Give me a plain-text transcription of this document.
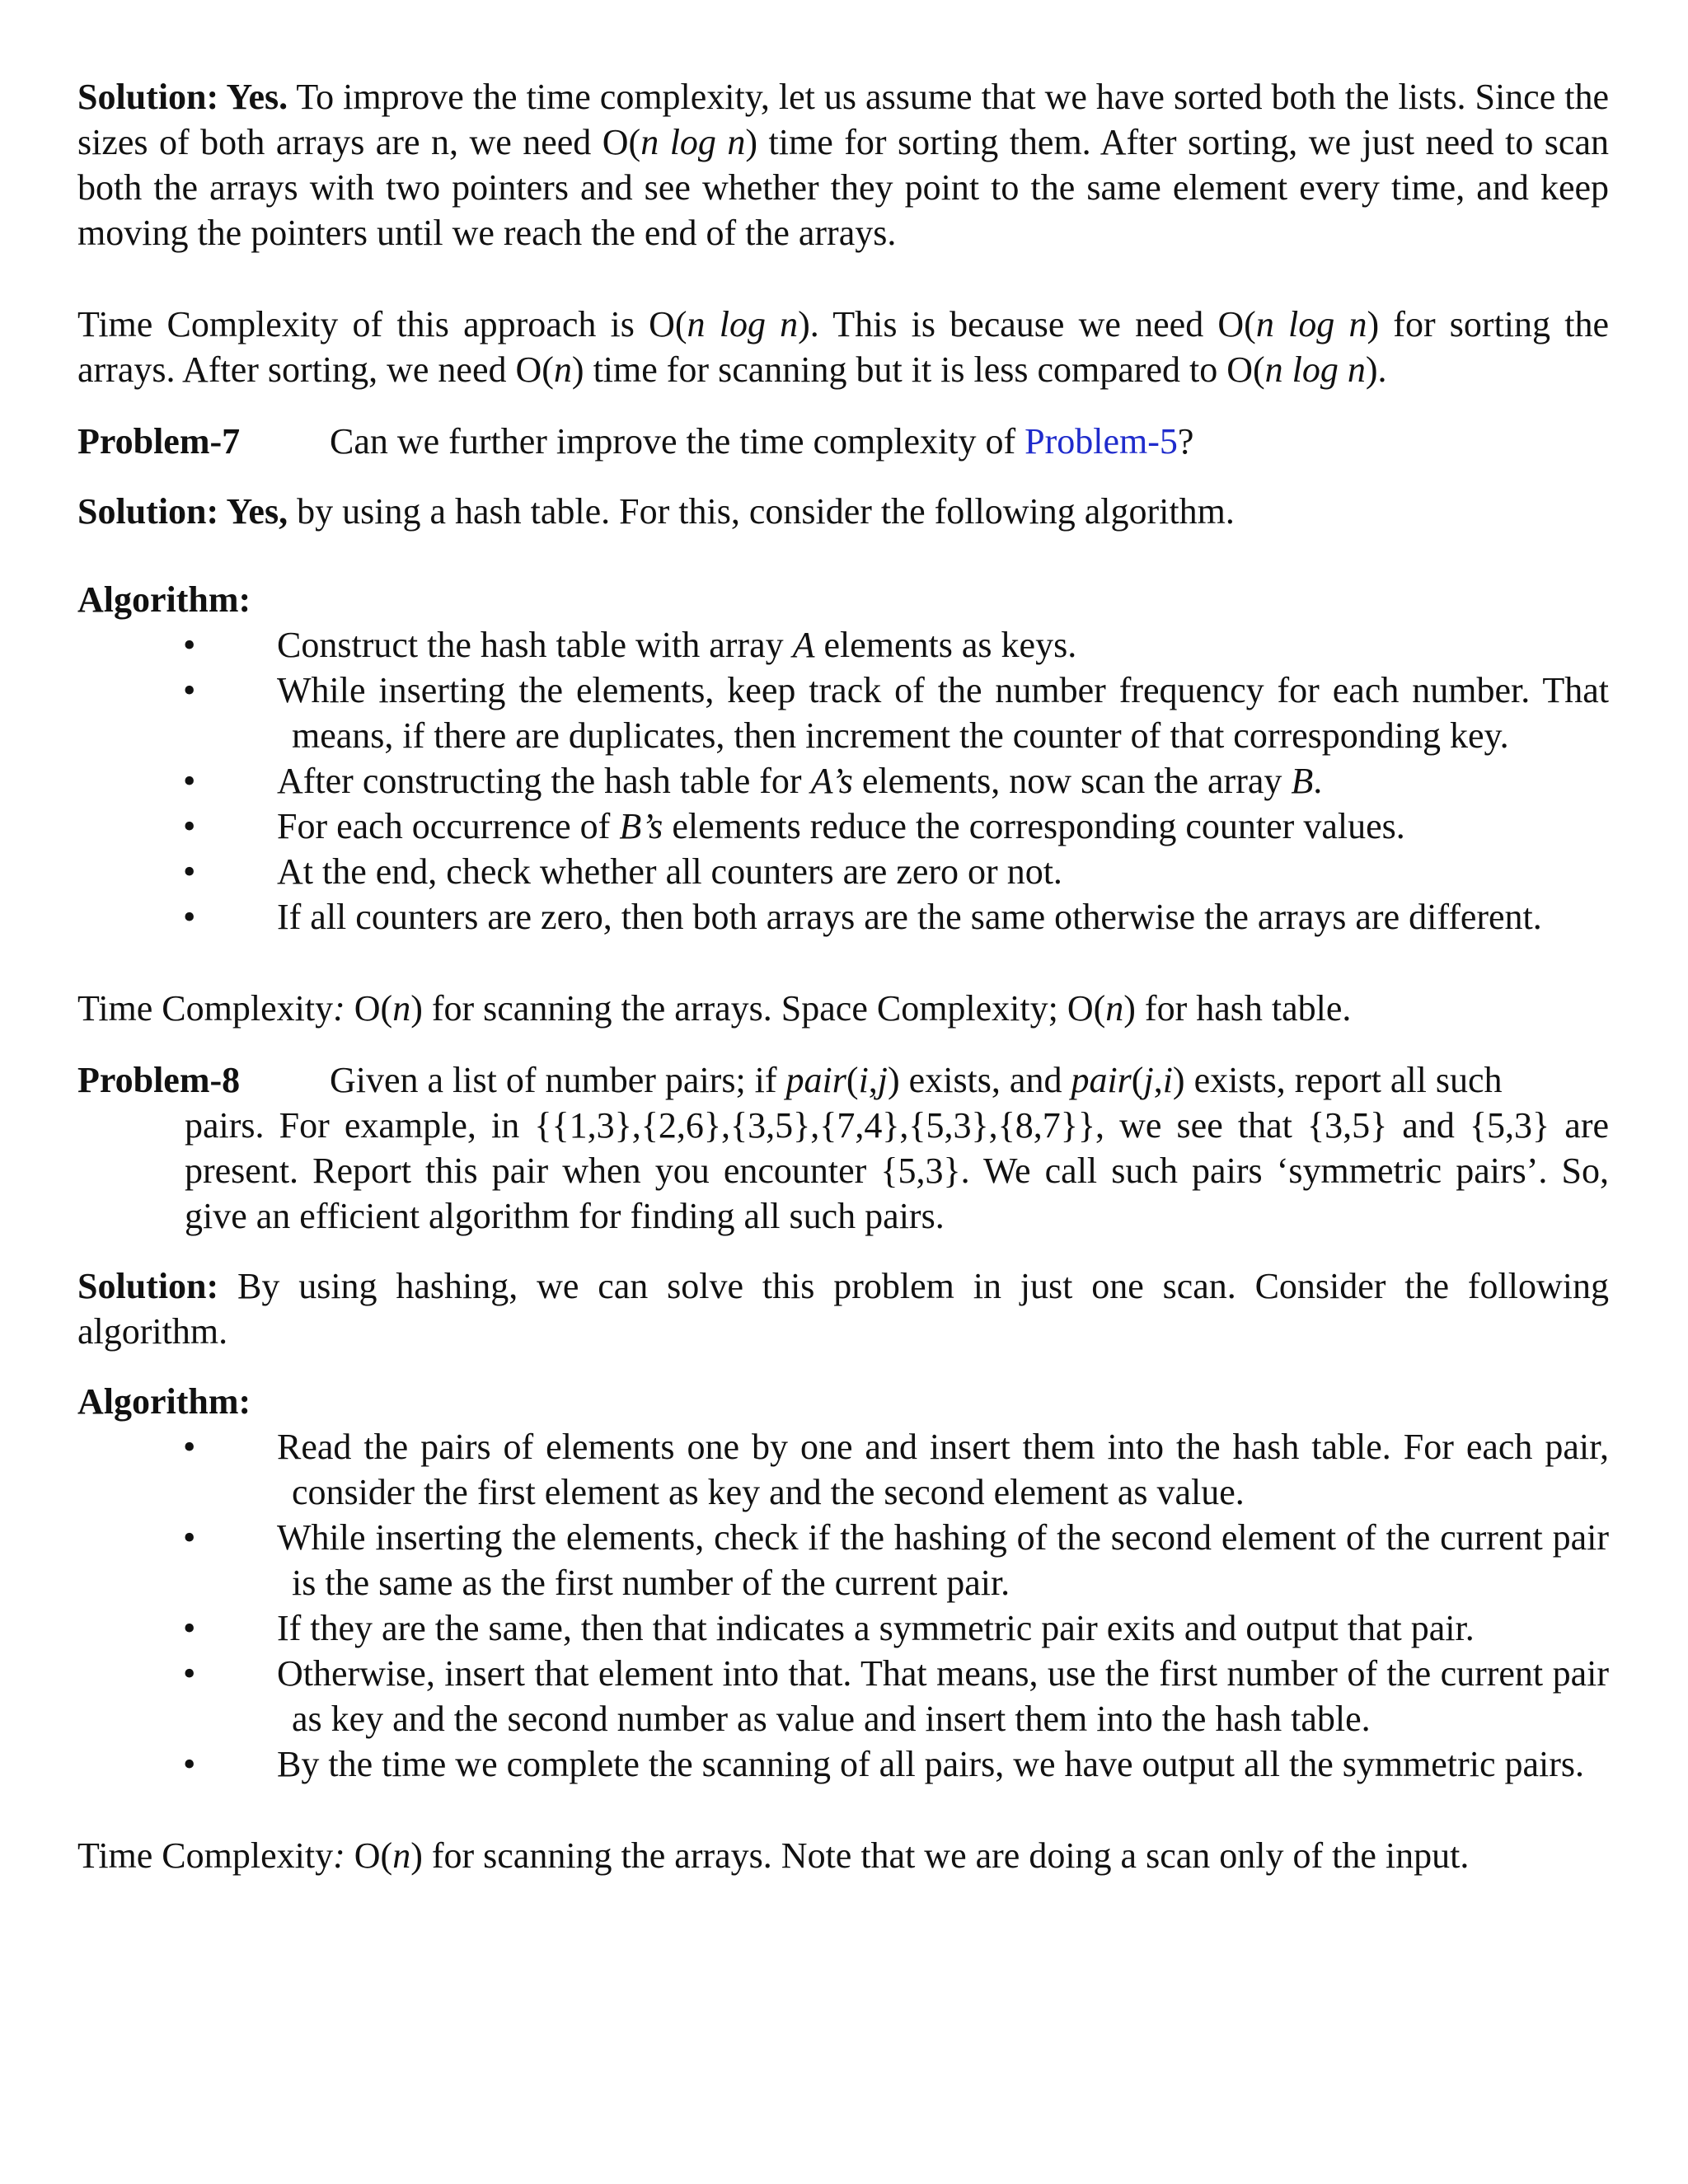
Solution: Yes. To improve the time complexity, let us assume that we have sorted both the lists. Since the sizes of both arrays are n, we need O(n log n) time for sorting them. After sorting, we just need to scan both the arrays with two pointers and see whether they point to the same element every time, and keep moving the pointers until we reach the end of the arrays.

Time Complexity of this approach is O(n log n). This is because we need O(n log n) for sorting the arrays. After sorting, we need O(n) time for scanning but it is less compared to O(n log n).

Problem-7	Can we further improve the time complexity of Problem-5?

Solution: Yes, by using a hash table. For this, consider the following algorithm.

Algorithm:

•	Construct the hash table with array A elements as keys.
•	While inserting the elements, keep track of the number frequency for each number. That means, if there are duplicates, then increment the counter of that corresponding key.
•	After constructing the hash table for A’s elements, now scan the array B.
•	For each occurrence of B’s elements reduce the corresponding counter values.
•	At the end, check whether all counters are zero or not.
•	If all counters are zero, then both arrays are the same otherwise the arrays are different.

Time Complexity: O(n) for scanning the arrays. Space Complexity; O(n) for hash table.

Problem-8 Given a list of number pairs; if pair(i,j) exists, and pair(j,i) exists, report all such

pairs. For example, in {{1,3},{2,6},{3,5},{7,4},{5,3},{8,7}}, we see that {3,5} and {5,3} are present. Report this pair when you encounter {5,3}. We call such pairs ‘symmetric pairs’. So, give an efficient algorithm for finding all such pairs.

Solution: By using hashing, we can solve this problem in just one scan. Consider the following algorithm.

Algorithm:

•	Read the pairs of elements one by one and insert them into the hash table. For each pair, consider the first element as key and the second element as value.
•	While inserting the elements, check if the hashing of the second element of the current pair is the same as the first number of the current pair.
•	If they are the same, then that indicates a symmetric pair exits and output that pair.
•	Otherwise, insert that element into that. That means, use the first number of the current pair as key and the second number as value and insert them into the hash table.
•	By the time we complete the scanning of all pairs, we have output all the symmetric pairs.

Time Complexity: O(n) for scanning the arrays. Note that we are doing a scan only of the input.
